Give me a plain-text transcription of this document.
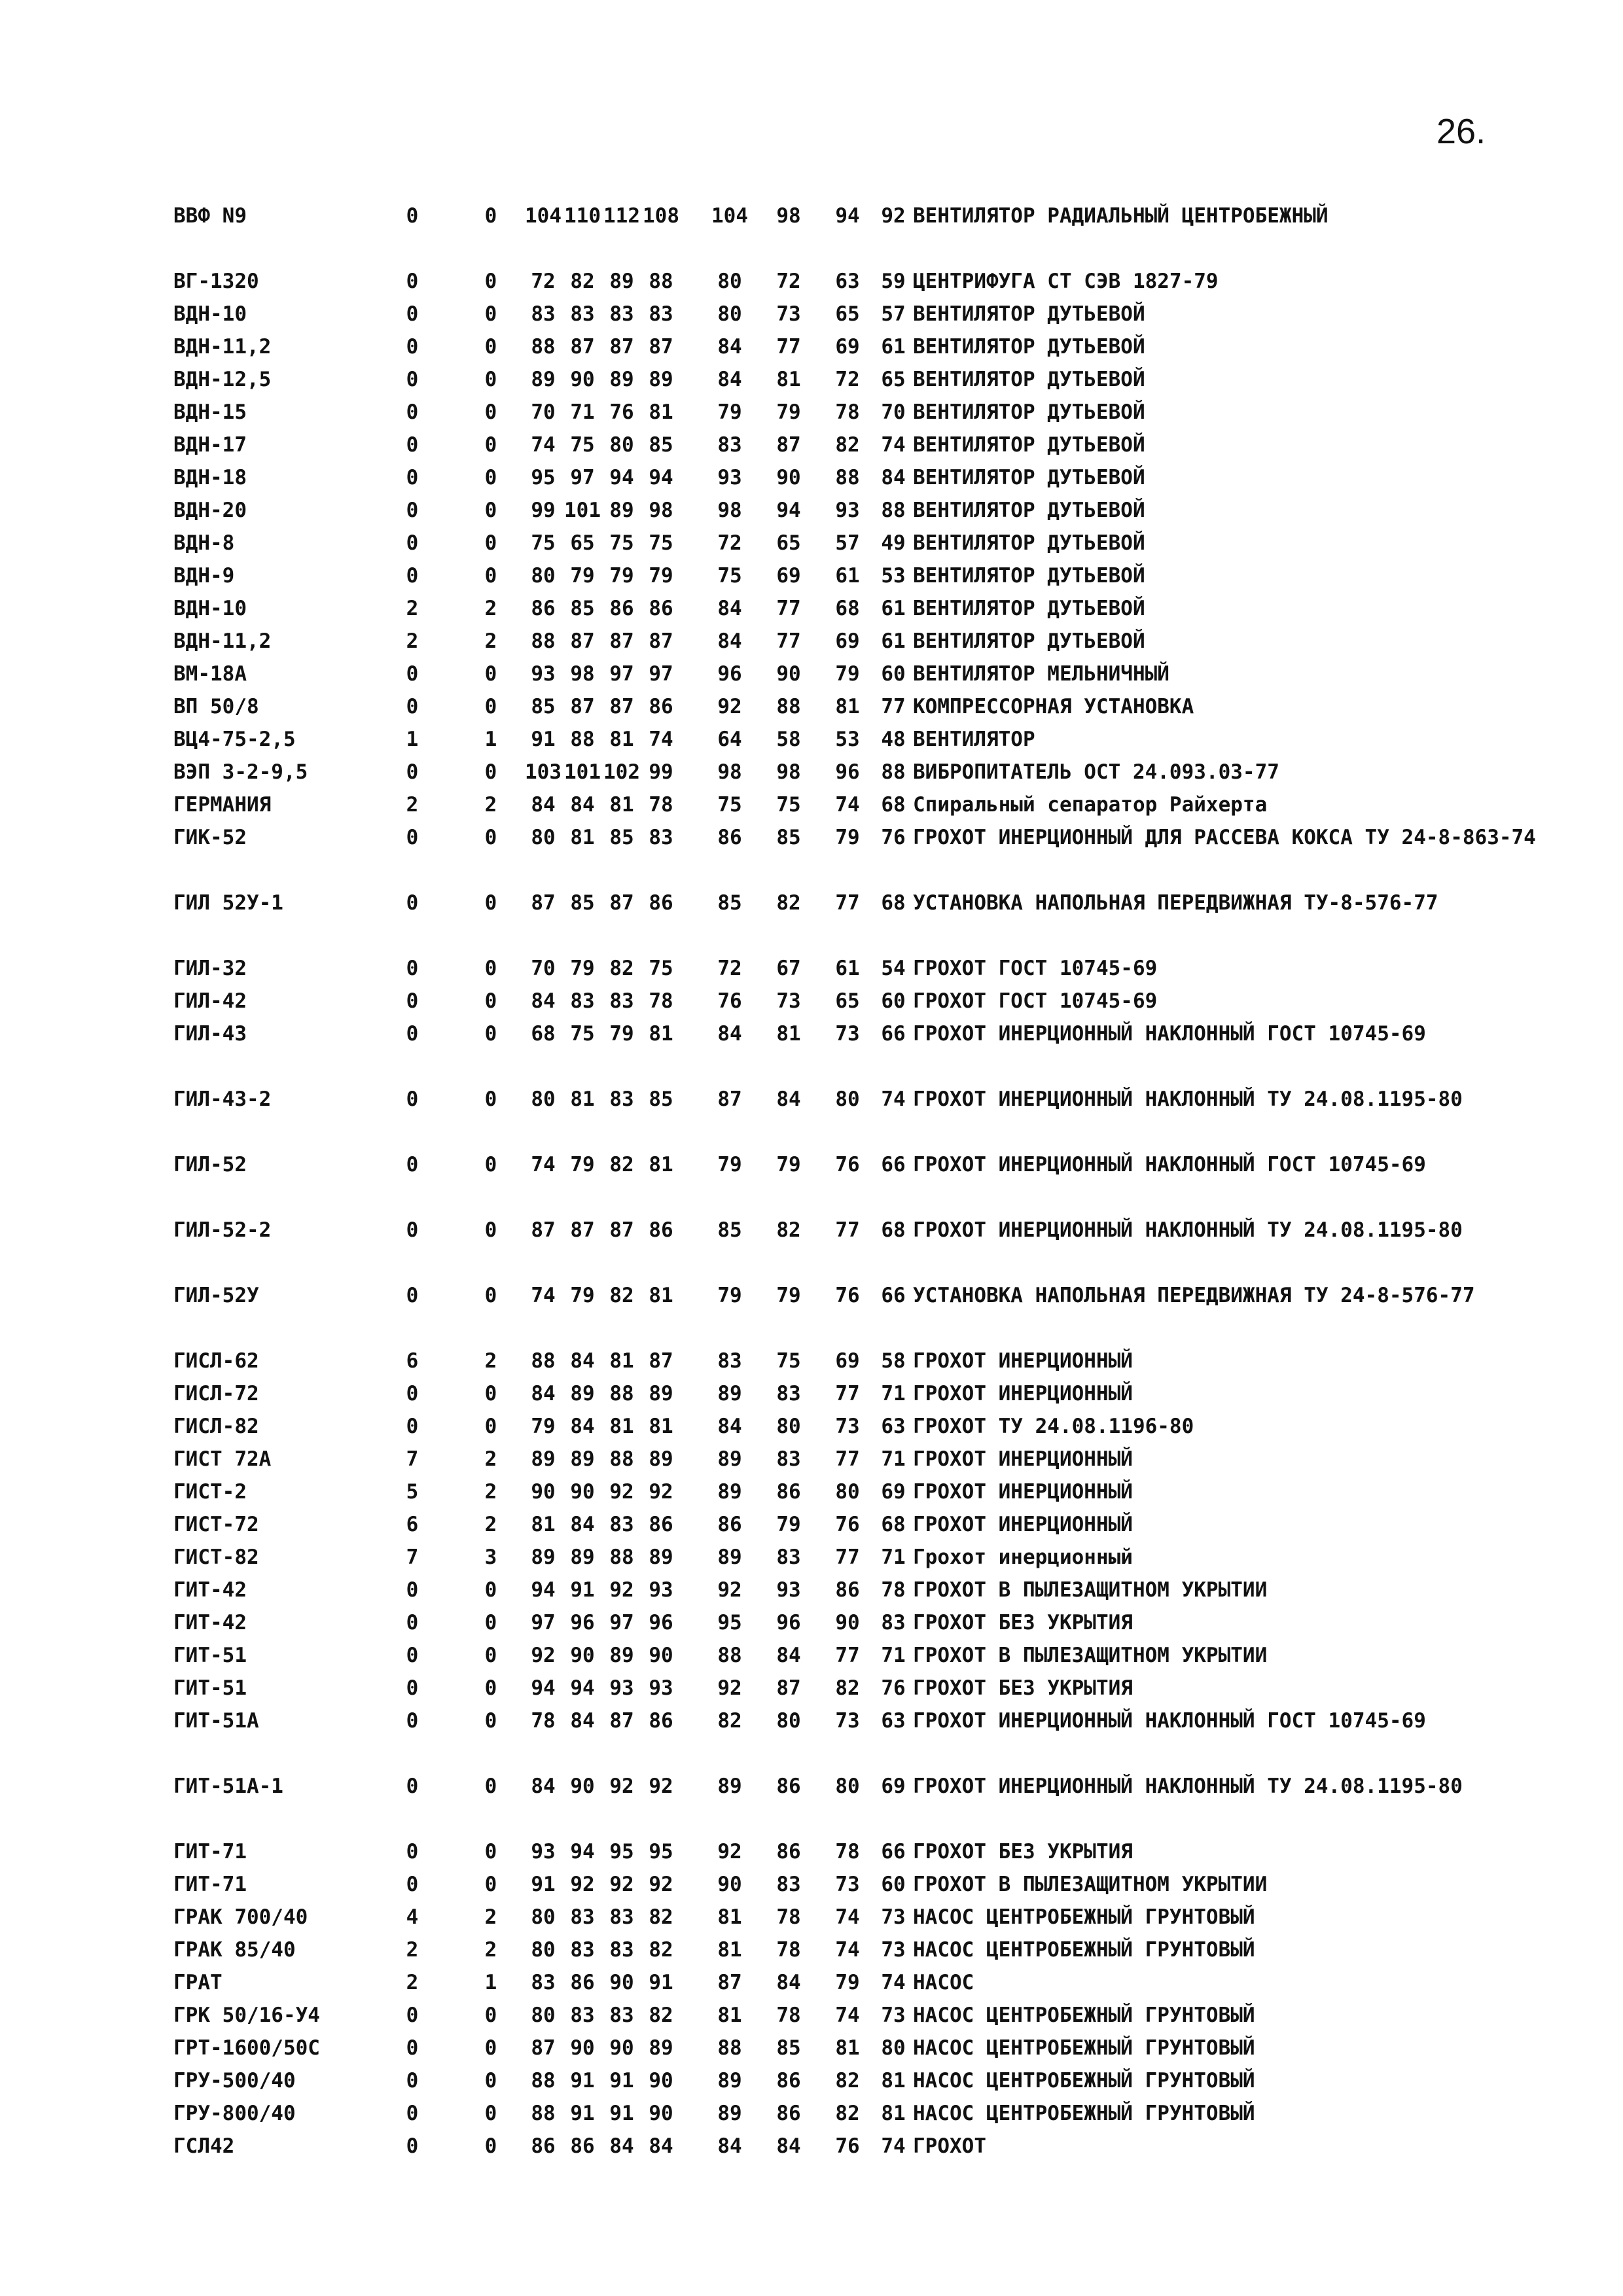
26.
ВВФ N9	0	0	104 110 112 108 104	98	94	92 ВЕНТИЛЯТОР РАДИАЛЬНЫЙ ЦЕНТРОБЕЖНЫЙ
ВГ-1320	0	0	72 82 89 88	80	72	63	59 ЦЕНТРИФУГА СТ СЭВ 1827-79
ВДН-10	0	0	83 83 83 83	80	73	65	57 ВЕНТИЛЯТОР ДУТЬЕВОЙ
ВДН-11,2	0	0	88 87 87 87	84	77	69	61 ВЕНТИЛЯТОР ДУТЬЕВОЙ
ВДН-12,5	0	0	89 90 89 89	84	81	72	65 ВЕНТИЛЯТОР ДУТЬЕВОЙ
ВДН-15	0	0	70 71 76 81	79	79	78	70 ВЕНТИЛЯТОР ДУТЬЕВОЙ
ВДН-17	0	0	74 75 80 85	83	87	82	74 ВЕНТИЛЯТОР ДУТЬЕВОЙ
ВДН-18	0	0	95 97 94 94	93	90	88	84 ВЕНТИЛЯТОР ДУТЬЕВОЙ
ВДН-20	0	0	99 101 89 98	98	94	93	88 ВЕНТИЛЯТОР ДУТЬЕВОЙ
ВДН-8	0	0	75 65 75 75	72	65	57	49 ВЕНТИЛЯТОР ДУТЬЕВОЙ
ВДН-9	0	0	80 79 79 79	75	69	61	53 ВЕНТИЛЯТОР ДУТЬЕВОЙ
ВДН-10	2	2	86 85 86 86	84	77	68	61 ВЕНТИЛЯТОР ДУТЬЕВОЙ
ВДН-11,2	2	2	88 87 87 87	84	77	69	61 ВЕНТИЛЯТОР ДУТЬЕВОЙ
ВМ-18А	0	0	93 98 97 97	96	90	79	60 ВЕНТИЛЯТОР МЕЛЬНИЧНЫЙ
ВП 50/8	0	0	85 87 87 86	92	88	81	77 КОМПРЕССОРНАЯ УСТАНОВКА
ВЦ4-75-2,5	1	1	91 88 81 74	64	58	53	48 ВЕНТИЛЯТОР
ВЭП 3-2-9,5	0	0	103 101 102 99	98	98	96	88 ВИБРОПИТАТЕЛЬ ОСТ 24.093.03-77
ГЕРМАНИЯ	2	2	84 84 81 78	75	75	74	68 Спиральный сепаратор Райхерта
ГИК-52	0	0	80 81 85 83	86	85	79	76 ГРОХОТ ИНЕРЦИОННЫЙ ДЛЯ РАССЕВА КОКСА ТУ 24-8-863-74
ГИЛ 52У-1	0	0	87 85 87 86	85	82	77	68 УСТАНОВКА НАПОЛЬНАЯ ПЕРЕДВИЖНАЯ ТУ-8-576-77
ГИЛ-32	0	0	70 79 82 75	72	67	61	54 ГРОХОТ ГОСТ 10745-69
ГИЛ-42	0	0	84 83 83 78	76	73	65	60 ГРОХОТ ГОСТ 10745-69
ГИЛ-43	0	0	68 75 79 81	84	81	73	66 ГРОХОТ ИНЕРЦИОННЫЙ НАКЛОННЫЙ ГОСТ 10745-69
ГИЛ-43-2	0	0	80 81 83 85	87	84	80	74 ГРОХОТ ИНЕРЦИОННЫЙ НАКЛОННЫЙ ТУ 24.08.1195-80
ГИЛ-52	0	0	74 79 82 81	79	79	76	66 ГРОХОТ ИНЕРЦИОННЫЙ НАКЛОННЫЙ ГОСТ 10745-69
ГИЛ-52-2	0	0	87 87 87 86	85	82	77	68 ГРОХОТ ИНЕРЦИОННЫЙ НАКЛОННЫЙ ТУ 24.08.1195-80
ГИЛ-52У	0	0	74 79 82 81	79	79	76	66 УСТАНОВКА НАПОЛЬНАЯ ПЕРЕДВИЖНАЯ ТУ 24-8-576-77
ГИСЛ-62	6	2	88 84 81 87	83	75	69	58 ГРОХОТ ИНЕРЦИОННЫЙ
ГИСЛ-72	0	0	84 89 88 89	89	83	77	71 ГРОХОТ ИНЕРЦИОННЫЙ
ГИСЛ-82	0	0	79 84 81 81	84	80	73	63 ГРОХОТ ТУ 24.08.1196-80
ГИСТ 72А	7	2	89 89 88 89	89	83	77	71 ГРОХОТ ИНЕРЦИОННЫЙ
ГИСТ-2	5	2	90 90 92 92	89	86	80	69 ГРОХОТ ИНЕРЦИОННЫЙ
ГИСТ-72	6	2	81 84 83 86	86	79	76	68 ГРОХОТ ИНЕРЦИОННЫЙ
ГИСТ-82	7	3	89 89 88 89	89	83	77	71 Грохот инерционный
ГИТ-42	0	0	94 91 92 93	92	93	86	78 ГРОХОТ В ПЫЛЕЗАЩИТНОМ УКРЫТИИ
ГИТ-42	0	0	97 96 97 96	95	96	90	83 ГРОХОТ БЕЗ УКРЫТИЯ
ГИТ-51	0	0	92 90 89 90	88	84	77	71 ГРОХОТ В ПЫЛЕЗАЩИТНОМ УКРЫТИИ
ГИТ-51	0	0	94 94 93 93	92	87	82	76 ГРОХОТ БЕЗ УКРЫТИЯ
ГИТ-51А	0	0	78 84 87 86	82	80	73	63 ГРОХОТ ИНЕРЦИОННЫЙ НАКЛОННЫЙ ГОСТ 10745-69
ГИТ-51А-1	0	0	84 90 92 92	89	86	80	69 ГРОХОТ ИНЕРЦИОННЫЙ НАКЛОННЫЙ ТУ 24.08.1195-80
ГИТ-71	0	0	93 94 95 95	92	86	78	66 ГРОХОТ БЕЗ УКРЫТИЯ
ГИТ-71	0	0	91 92 92 92	90	83	73	60 ГРОХОТ В ПЫЛЕЗАЩИТНОМ УКРЫТИИ
ГРАК 700/40	4	2	80 83 83 82	81	78	74	73 НАСОС ЦЕНТРОБЕЖНЫЙ ГРУНТОВЫЙ
ГРАК 85/40	2	2	80 83 83 82	81	78	74	73 НАСОС ЦЕНТРОБЕЖНЫЙ ГРУНТОВЫЙ
ГРАТ	2	1	83 86 90 91	87	84	79	74 НАСОС
ГРК 50/16-У4	0	0	80 83 83 82	81	78	74	73 НАСОС ЦЕНТРОБЕЖНЫЙ ГРУНТОВЫЙ
ГРТ-1600/50С	0	0	87 90 90 89	88	85	81	80 НАСОС ЦЕНТРОБЕЖНЫЙ ГРУНТОВЫЙ
ГРУ-500/40	0	0	88 91 91 90	89	86	82	81 НАСОС ЦЕНТРОБЕЖНЫЙ ГРУНТОВЫЙ
ГРУ-800/40	0	0	88 91 91 90	89	86	82	81 НАСОС ЦЕНТРОБЕЖНЫЙ ГРУНТОВЫЙ
ГСЛ42	0	0	86 86 84 84	84	84	76	74 ГРОХОТ
